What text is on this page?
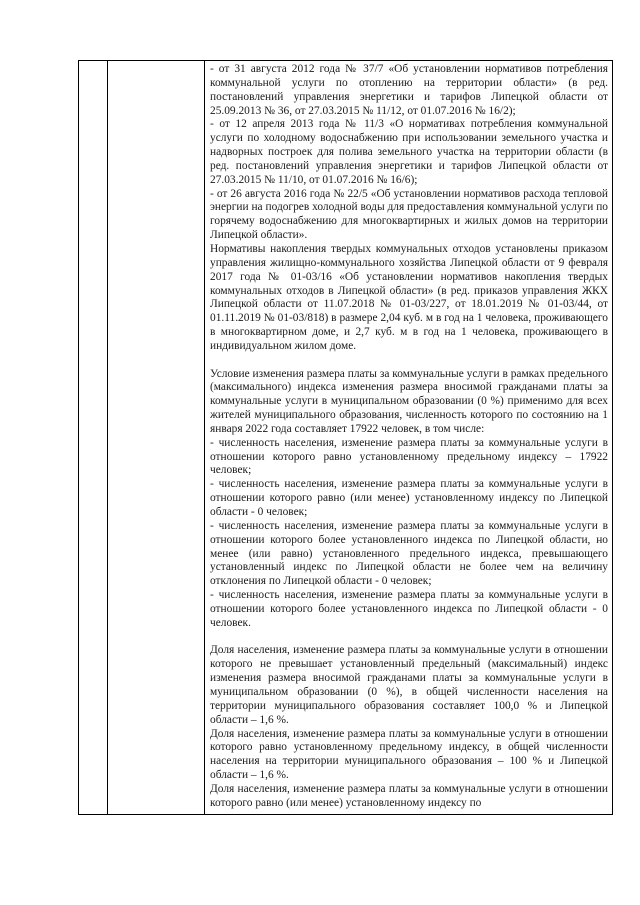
- от 31 августа 2012 года № 37/7 «Об установлении нормативов потребления коммунальной услуги по отоплению на территории области» (в ред. постановлений управления энергетики и тарифов Липецкой области от 25.09.2013 № 36, от 27.03.2015 № 11/12, от 01.07.2016 № 16/2);

- от 12 апреля 2013 года № 11/3 «О нормативах потребления коммунальной услуги по холодному водоснабжению при использовании земельного участка и надворных построек для полива земельного участка на территории области (в ред. постановлений управления энергетики и тарифов Липецкой области от 27.03.2015 № 11/10, от 01.07.2016 № 16/6);

- от 26 августа 2016 года № 22/5 «Об установлении нормативов расхода тепловой энергии на подогрев холодной воды для предоставления коммунальной услуги по горячему водоснабжению для многоквартирных и жилых домов на территории Липецкой области».

Нормативы накопления твердых коммунальных отходов установлены приказом управления жилищно-коммунального хозяйства Липецкой области от 9 февраля 2017 года № 01-03/16 «Об установлении нормативов накопления твердых коммунальных отходов в Липецкой области» (в ред. приказов управления ЖКХ Липецкой области от 11.07.2018 № 01-03/227, от 18.01.2019 № 01-03/44, от 01.11.2019 № 01-03/818) в размере 2,04 куб. м в год на 1 человека, проживающего в многоквартирном доме, и 2,7 куб. м в год на 1 человека, проживающего в индивидуальном жилом доме.

Условие изменения размера платы за коммунальные услуги в рамках предельного (максимального) индекса изменения размера вносимой гражданами платы за коммунальные услуги в муниципальном образовании (0 %) применимо для всех жителей муниципального образования, численность которого по состоянию на 1 января 2022 года составляет 17922 человек, в том числе:

- численность населения, изменение размера платы за коммунальные услуги в отношении которого равно установленному предельному индексу – 17922 человек;

- численность населения, изменение размера платы за коммунальные услуги в отношении которого равно (или менее) установленному индексу по Липецкой области - 0 человек;

- численность населения, изменение размера платы за коммунальные услуги в отношении которого более установленного индекса по Липецкой области, но менее (или равно) установленного предельного индекса, превышающего установленный индекс по Липецкой области не более чем на величину отклонения по Липецкой области - 0 человек;

- численность населения, изменение размера платы за коммунальные услуги в отношении которого более установленного индекса по Липецкой области - 0 человек.

Доля населения, изменение размера платы за коммунальные услуги в отношении которого не превышает установленный предельный (максимальный) индекс изменения размера вносимой гражданами платы за коммунальные услуги в муниципальном образовании (0 %), в общей численности населения на территории муниципального образования составляет 100,0 % и Липецкой области – 1,6 %.

Доля населения, изменение размера платы за коммунальные услуги в отношении которого равно установленному предельному индексу, в общей численности населения на территории муниципального образования – 100 % и Липецкой области – 1,6 %.

Доля населения, изменение размера платы за коммунальные услуги в отношении которого равно (или менее) установленному индексу по
